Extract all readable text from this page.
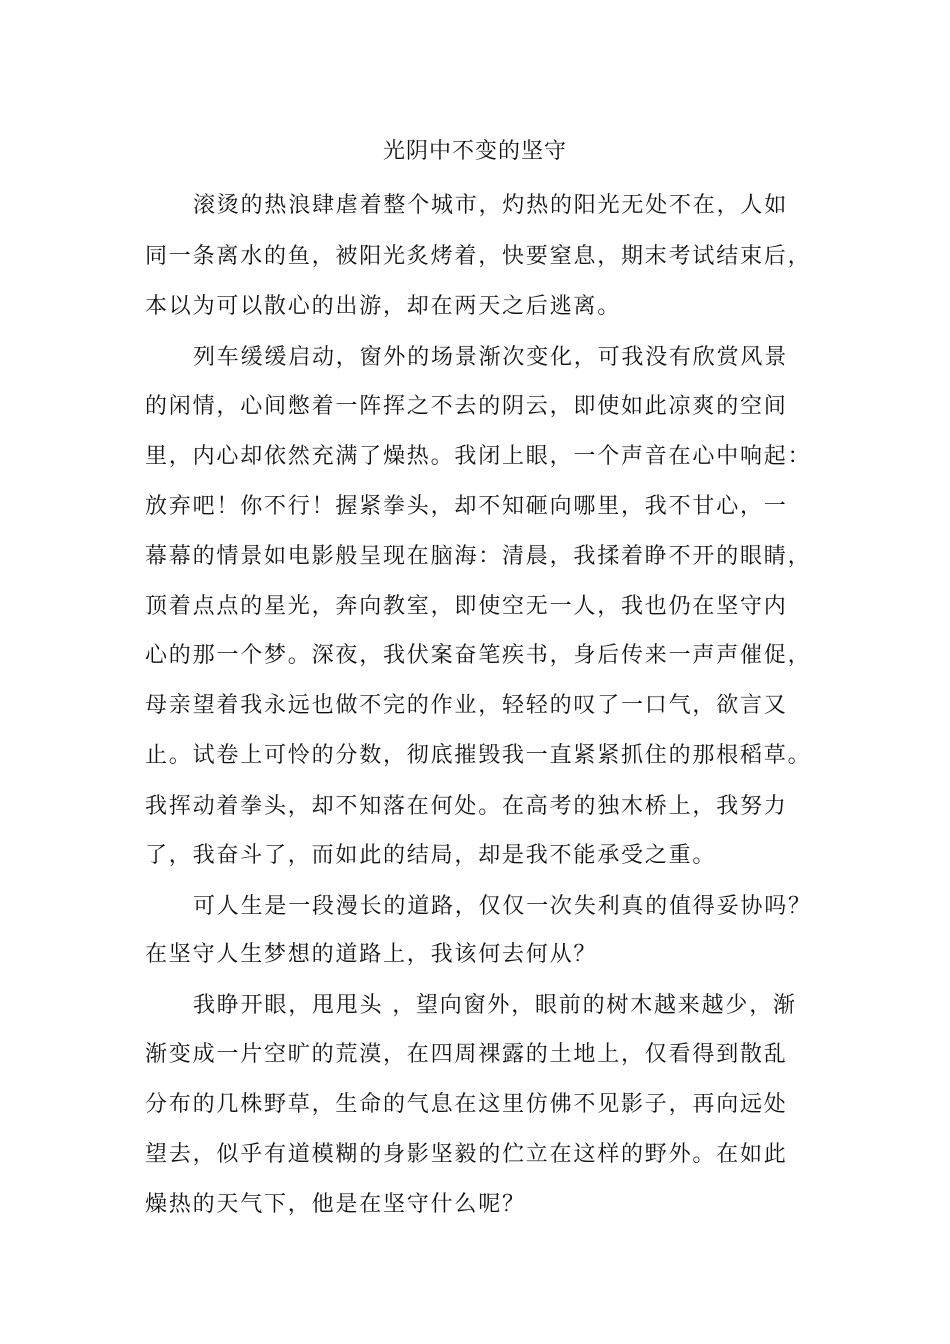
光阴中不变的坚守
滚烫的热浪肆虐着整个城市，灼热的阳光无处不在，人如
同一条离水的鱼，被阳光炙烤着，快要窒息，期末考试结束后，
本以为可以散心的出游，却在两天之后逃离。
列车缓缓启动，窗外的场景渐次变化，可我没有欣赏风景
的闲情，心间憋着一阵挥之不去的阴云，即使如此凉爽的空间
里，内心却依然充满了燥热。我闭上眼，一个声音在心中响起：
放弃吧！你不行！握紧拳头，却不知砸向哪里，我不甘心，一
幕幕的情景如电影般呈现在脑海：清晨，我揉着睁不开的眼睛，
顶着点点的星光，奔向教室，即使空无一人，我也仍在坚守内
心的那一个梦。深夜，我伏案奋笔疾书，身后传来一声声催促，
母亲望着我永远也做不完的作业，轻轻的叹了一口气，欲言又
止。试卷上可怜的分数，彻底摧毁我一直紧紧抓住的那根稻草。
我挥动着拳头，却不知落在何处。在高考的独木桥上，我努力
了，我奋斗了，而如此的结局，却是我不能承受之重。
可人生是一段漫长的道路，仅仅一次失利真的值得妥协吗？
在坚守人生梦想的道路上，我该何去何从？
我睁开眼，甩甩头 ，望向窗外，眼前的树木越来越少，渐
渐变成一片空旷的荒漠，在四周裸露的土地上，仅看得到散乱
分布的几株野草，生命的气息在这里仿佛不见影子，再向远处
望去，似乎有道模糊的身影坚毅的伫立在这样的野外。在如此
燥热的天气下，他是在坚守什么呢？
